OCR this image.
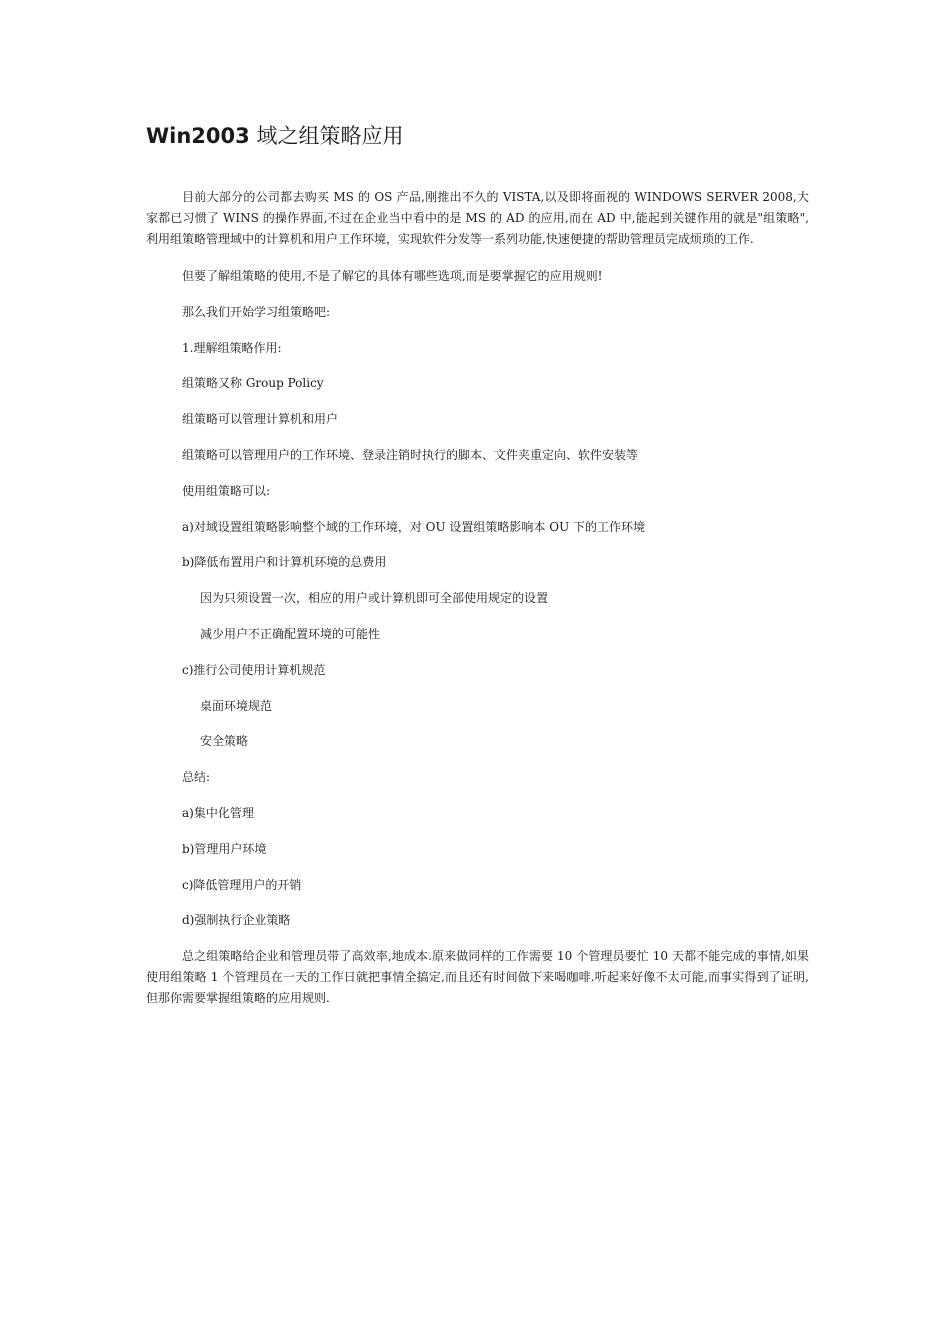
Win2003 域之组策略应用

目前大部分的公司都去购买 MS 的 OS 产品,刚推出不久的 VISTA,以及即将面视的 WINDOWS SERVER 2008,大家都已习惯了 WINS 的操作界面,不过在企业当中看中的是 MS 的 AD 的应用,而在 AD 中,能起到关键作用的就是"组策略",利用组策略管理域中的计算机和用户工作环境，实现软件分发等一系列功能,快速便捷的帮助管理员完成烦琐的工作.

但要了解组策略的使用,不是了解它的具体有哪些选项,而是要掌握它的应用规则!

那么我们开始学习组策略吧:

1.理解组策略作用:

组策略又称 Group Policy

组策略可以管理计算机和用户

组策略可以管理用户的工作环境、登录注销时执行的脚本、文件夹重定向、软件安装等

使用组策略可以:

a)对域设置组策略影响整个域的工作环境，对 OU 设置组策略影响本 OU 下的工作环境

b)降低布置用户和计算机环境的总费用

因为只须设置一次，相应的用户或计算机即可全部使用规定的设置

减少用户不正确配置环境的可能性

c)推行公司使用计算机规范

桌面环境规范

安全策略

总结:

a)集中化管理

b)管理用户环境

c)降低管理用户的开销

d)强制执行企业策略

总之组策略给企业和管理员带了高效率,地成本.原来做同样的工作需要 10 个管理员要忙 10 天都不能完成的事情,如果使用组策略 1 个管理员在一天的工作日就把事情全搞定,而且还有时间做下来喝咖啡.听起来好像不太可能,而事实得到了证明,但那你需要掌握组策略的应用规则.
